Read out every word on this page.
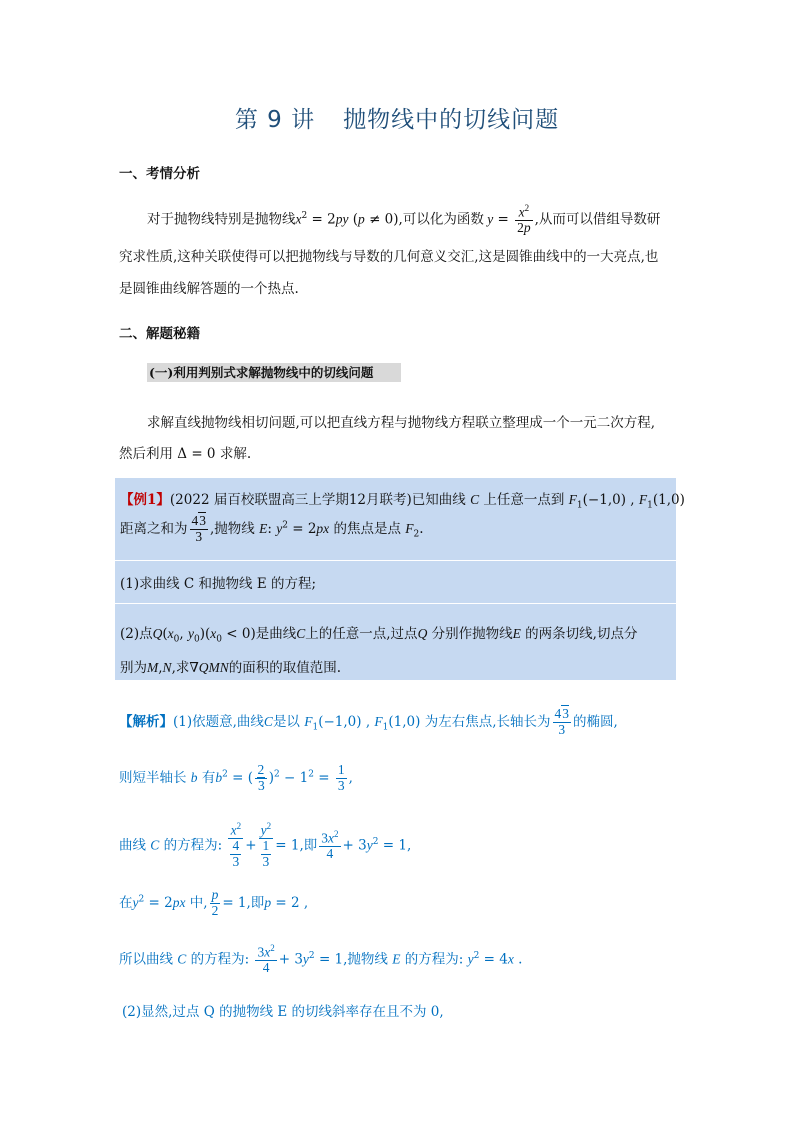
第 9 讲 抛物线中的切线问题
一、考情分析
对于抛物线特别是抛物线$x^2 = 2py$ (p ≠ 0),可以化为函数 $y = \frac{x^2}{2p}$ ,从而可以借组导数研
究求性质,这种关联使得可以把抛物线与导数的几何意义交汇,这是圆锥曲线中的一大亮点,也
是圆锥曲线解答题的一个热点.
二、解题秘籍
(一)利用判别式求解抛物线中的切线问题
求解直线抛物线相切问题,可以把直线方程与抛物线方程联立整理成一个一元二次方程,
然后利用 Δ = 0 求解.
【例1】(2022 届百校联盟高三上学期12月联考)已知曲线 C 上任意一点到 $F_1(-1,0)$ , $F_1(1,0)$
距离之和为 $\frac{43}{3}$ ,抛物线 E: $y^2 = 2px$ 的焦点是点 $F_2$.
(1)求曲线 C 和抛物线 E 的方程;
(2)点$Q(x_0$, $y_0)(x_0 < 0)$是曲线C上的任意一点,过点Q 分别作抛物线E 的两条切线,切点分
别为M,N,求∇QMN的面积的取值范围.
【解析】(1)依题意,曲线C是以 $F_1(-1,0)$ , $F_1(1,0)$ 为左右焦点,长轴长为 $\frac{43}{3}$ 的椭圆,
则短半轴长 b 有$b^2$ = ( $\frac{2}{3} )^2 - 1^2 = \frac{1}{3}$ ,
曲线 C 的方程为: $\frac{x^2}{\frac{4}{3}} + \frac{y^2}{\frac{1}{3}} = 1$,即 $\frac{3x^2}{4} + 3y^2 = 1$,
在$y^2 = 2px$ 中, $\frac{p}{2} = 1$,即p = 2 ,
所以曲线 C 的方程为: $\frac{3x^2}{4} + 3y^2 = 1$,抛物线 E 的方程为: $y^2 = 4x$ .
(2)显然,过点 Q 的抛物线 E 的切线斜率存在且不为 0,
